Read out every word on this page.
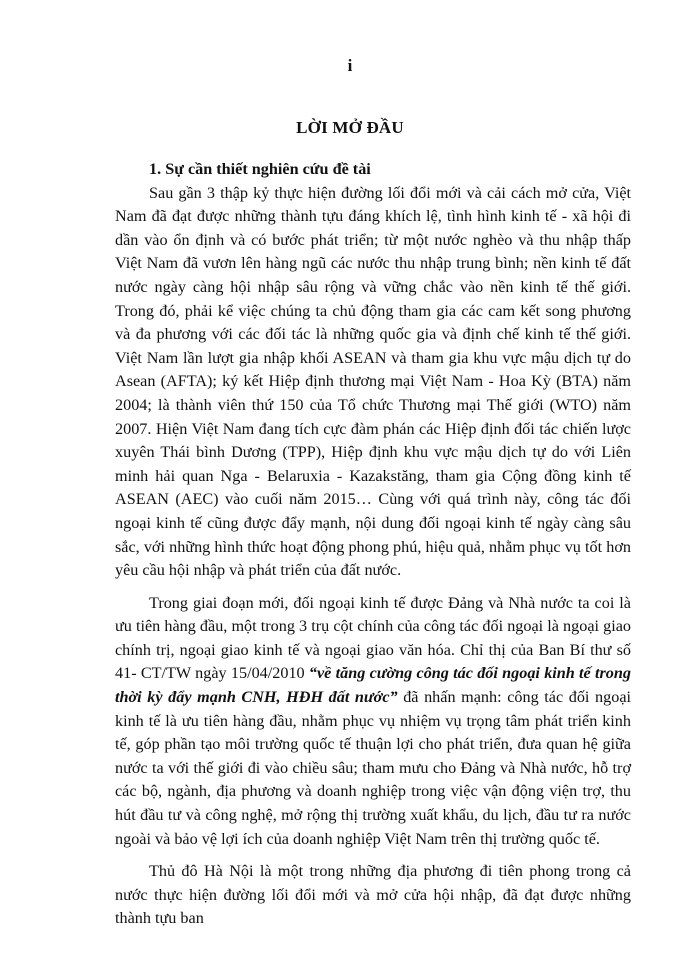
i
LỜI MỞ ĐẦU

1. Sự cần thiết nghiên cứu đề tài

Sau gần 3 thập kỷ thực hiện đường lối đổi mới và cải cách mở cửa, Việt Nam đã đạt được những thành tựu đáng khích lệ, tình hình kinh tế - xã hội đi dần vào ổn định và có bước phát triển; từ một nước nghèo và thu nhập thấp Việt Nam đã vươn lên hàng ngũ các nước thu nhập trung bình; nền kinh tế đất nước ngày càng hội nhập sâu rộng và vững chắc vào nền kinh tế thế giới. Trong đó, phải kể việc chúng ta chủ động tham gia các cam kết song phương và đa phương với các đối tác là những quốc gia và định chế kinh tế thế giới. Việt Nam lần lượt gia nhập khối ASEAN và tham gia khu vực mậu dịch tự do Asean (AFTA); ký kết Hiệp định thương mại Việt Nam - Hoa Kỳ (BTA) năm 2004; là thành viên thứ 150 của Tổ chức Thương mại Thế giới (WTO) năm 2007. Hiện Việt Nam đang tích cực đàm phán các Hiệp định đối tác chiến lược xuyên Thái bình Dương (TPP), Hiệp định khu vực mậu dịch tự do với Liên minh hải quan Nga - Belaruxia - Kazakstăng, tham gia Cộng đồng kinh tế ASEAN (AEC) vào cuối năm 2015… Cùng với quá trình này, công tác đối ngoại kinh tế cũng được đẩy mạnh, nội dung đối ngoại kinh tế ngày càng sâu sắc, với những hình thức hoạt động phong phú, hiệu quả, nhằm phục vụ tốt hơn yêu cầu hội nhập và phát triển của đất nước.

Trong giai đoạn mới, đối ngoại kinh tế được Đảng và Nhà nước ta coi là ưu tiên hàng đầu, một trong 3 trụ cột chính của công tác đối ngoại là ngoại giao chính trị, ngoại giao kinh tế và ngoại giao văn hóa. Chỉ thị của Ban Bí thư số 41- CT/TW ngày 15/04/2010 “về tăng cường công tác đối ngoại kinh tế trong thời kỳ đẩy mạnh CNH, HĐH đất nước” đã nhấn mạnh: công tác đối ngoại kinh tế là ưu tiên hàng đầu, nhằm phục vụ nhiệm vụ trọng tâm phát triển kinh tế, góp phần tạo môi trường quốc tế thuận lợi cho phát triển, đưa quan hệ giữa nước ta với thế giới đi vào chiều sâu; tham mưu cho Đảng và Nhà nước, hỗ trợ các bộ, ngành, địa phương và doanh nghiệp trong việc vận động viện trợ, thu hút đầu tư và công nghệ, mở rộng thị trường xuất khẩu, du lịch, đầu tư ra nước ngoài và bảo vệ lợi ích của doanh nghiệp Việt Nam trên thị trường quốc tế.

Thủ đô Hà Nội là một trong những địa phương đi tiên phong trong cả nước thực hiện đường lối đổi mới và mở cửa hội nhập, đã đạt được những thành tựu ban
